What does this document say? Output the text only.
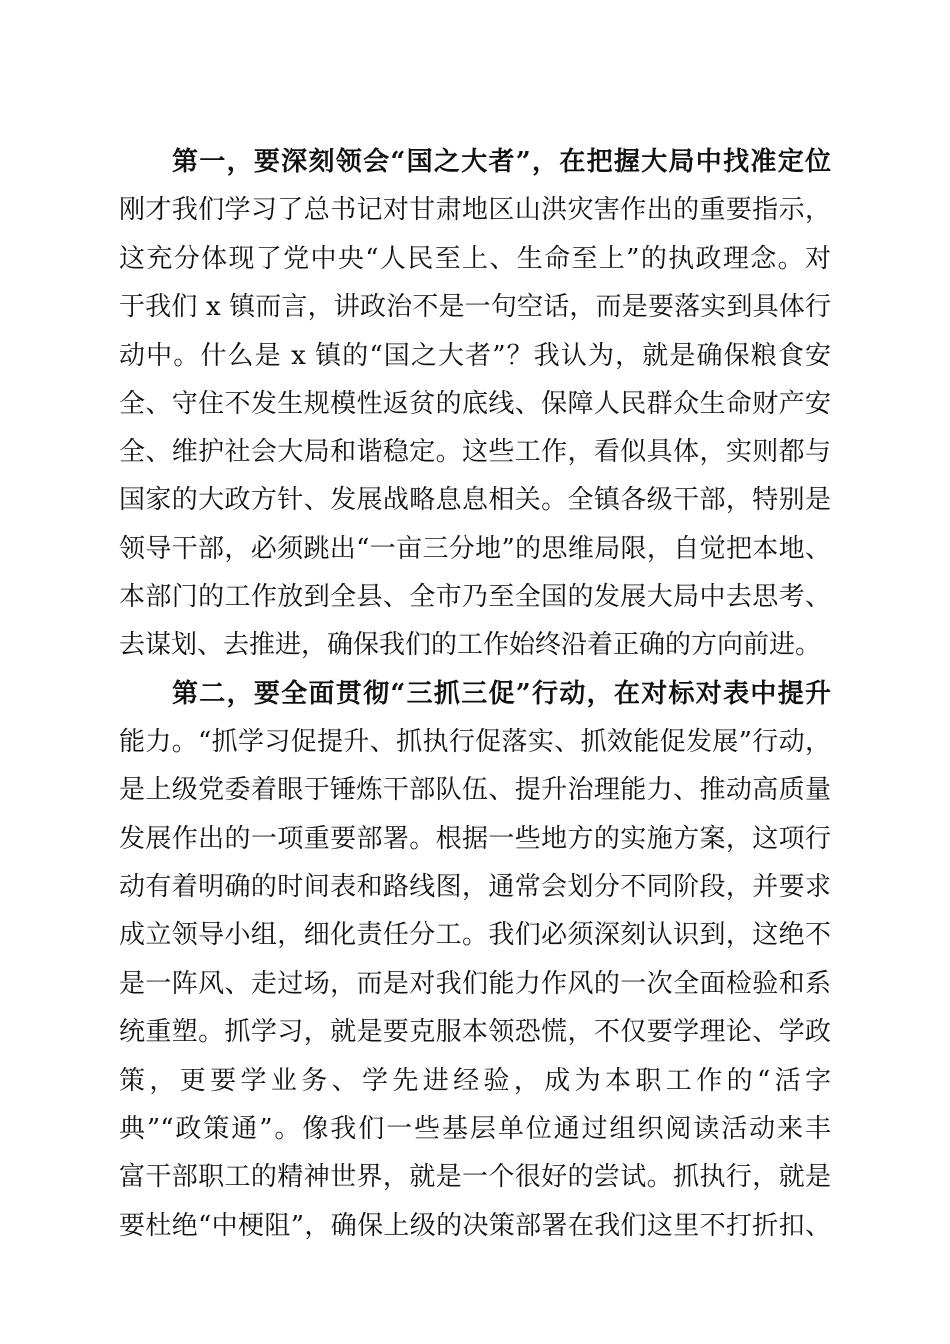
第一，要深刻领会“国之大者”，在把握大局中找准定位
刚才我们学习了总书记对甘肃地区山洪灾害作出的重要指示，
这充分体现了党中央“人民至上、生命至上”的执政理念。对
于我们 x 镇而言，讲政治不是一句空话，而是要落实到具体行
动中。什么是 x 镇的“国之大者”？我认为，就是确保粮食安
全、守住不发生规模性返贫的底线、保障人民群众生命财产安
全、维护社会大局和谐稳定。这些工作，看似具体，实则都与
国家的大政方针、发展战略息息相关。全镇各级干部，特别是
领导干部，必须跳出“一亩三分地”的思维局限，自觉把本地、
本部门的工作放到全县、全市乃至全国的发展大局中去思考、
去谋划、去推进，确保我们的工作始终沿着正确的方向前进。
第二，要全面贯彻“三抓三促”行动，在对标对表中提升
能力。“抓学习促提升、抓执行促落实、抓效能促发展”行动，
是上级党委着眼于锤炼干部队伍、提升治理能力、推动高质量
发展作出的一项重要部署。根据一些地方的实施方案，这项行
动有着明确的时间表和路线图，通常会划分不同阶段，并要求
成立领导小组，细化责任分工。我们必须深刻认识到，这绝不
是一阵风、走过场，而是对我们能力作风的一次全面检验和系
统重塑。抓学习，就是要克服本领恐慌，不仅要学理论、学政
策，更要学业务、学先进经验，成为本职工作的“活字
典”“政策通”。像我们一些基层单位通过组织阅读活动来丰
富干部职工的精神世界，就是一个很好的尝试。抓执行，就是
要杜绝“中梗阻”，确保上级的决策部署在我们这里不打折扣、
